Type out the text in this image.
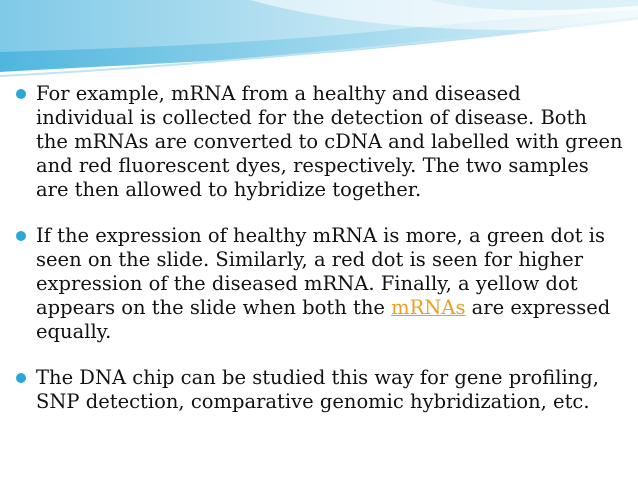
For example, mRNA from a healthy and diseased individual is collected for the detection of disease. Both the mRNAs are converted to cDNA and labelled with green and red fluorescent dyes, respectively. The two samples are then allowed to hybridize together.
If the expression of healthy mRNA is more, a green dot is seen on the slide. Similarly, a red dot is seen for higher expression of the diseased mRNA. Finally, a yellow dot appears on the slide when both the mRNAs are expressed equally.
The DNA chip can be studied this way for gene profiling, SNP detection, comparative genomic hybridization, etc.
